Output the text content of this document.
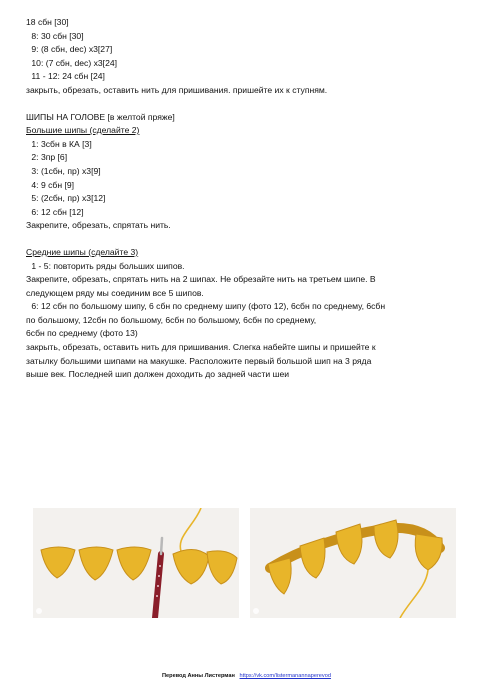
18 сбн [30]

8: 30 сбн [30]

9: (8 сбн, dec) x3[27]

10: (7 сбн, dec) x3[24]

11 - 12: 24 сбн [24]

закрыть, обрезать, оставить нить для пришивания. пришейте их к ступням.

ШИПЫ НА ГОЛОВЕ [в желтой пряже]

Большие шипы (сделайте 2)

1: 3сбн в КА [3]

2: 3пр [6]

3: (1сбн, пр) x3[9]

4: 9 сбн [9]

5: (2сбн, пр) x3[12]

6: 12 сбн [12]

Закрепите, обрезать, спрятать нить.

Средние шипы (сделайте 3)

1 - 5: повторить ряды больших шипов.

Закрепите, обрезать, спрятать нить на 2 шипах. Не обрезайте нить на третьем шипе. В

следующем ряду мы соединим все 5 шипов.

6: 12 сбн по большому шипу, 6 сбн по среднему шипу (фото 12), 6сбн по среднему, 6сбн

по большому, 12сбн по большому, 6сбн по большому, 6сбн по среднему,

6сбн по среднему (фото 13)

закрыть, обрезать, оставить нить для пришивания. Слегка набейте шипы и пришейте к

затылку большими шипами на макушке. Расположите первый большой шип на 3 ряда

выше век. Последней шип должен доходить до задней части шеи

Перевод Анны Листерман https://vk.com/listermanannaperevod
